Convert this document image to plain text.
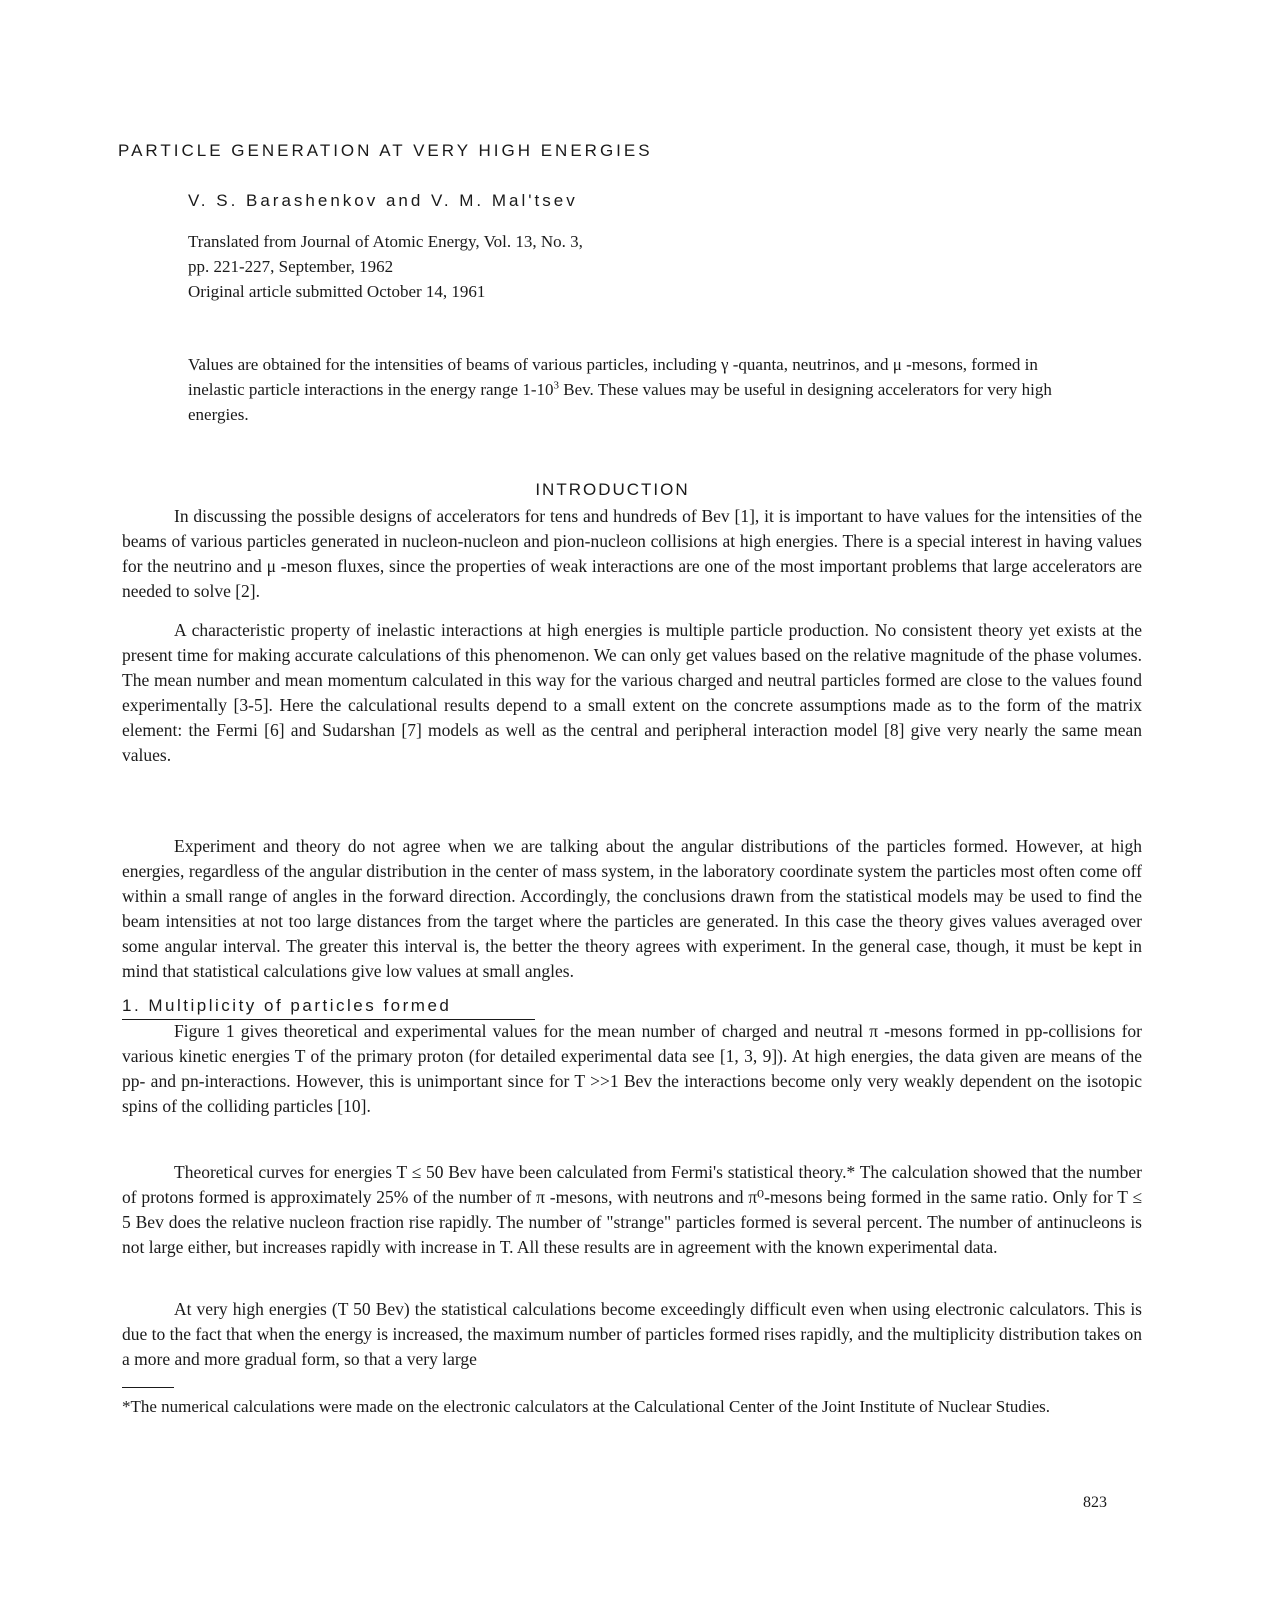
PARTICLE GENERATION AT VERY HIGH ENERGIES
V. S. Barashenkov and V. M. Mal'tsev
Translated from Journal of Atomic Energy, Vol. 13, No. 3,
pp. 221-227, September, 1962
Original article submitted October 14, 1961
Values are obtained for the intensities of beams of various particles, including γ -quanta, neutrinos, and μ -mesons, formed in inelastic particle interactions in the energy range $1-10^3$ Bev. These values may be useful in designing accelerators for very high energies.
INTRODUCTION

In discussing the possible designs of accelerators for tens and hundreds of Bev [1], it is important to have values for the intensities of the beams of various particles generated in nucleon-nucleon and pion-nucleon collisions at high energies. There is a special interest in having values for the neutrino and μ -meson fluxes, since the properties of weak interactions are one of the most important problems that large accelerators are needed to solve [2].

A characteristic property of inelastic interactions at high energies is multiple particle production. No consistent theory yet exists at the present time for making accurate calculations of this phenomenon. We can only get values based on the relative magnitude of the phase volumes. The mean number and mean momentum calculated in this way for the various charged and neutral particles formed are close to the values found experimentally [3-5]. Here the calculational results depend to a small extent on the concrete assumptions made as to the form of the matrix element: the Fermi [6] and Sudarshan [7] models as well as the central and peripheral interaction model [8] give very nearly the same mean values.

Experiment and theory do not agree when we are talking about the angular distributions of the particles formed. However, at high energies, regardless of the angular distribution in the center of mass system, in the laboratory coordinate system the particles most often come off within a small range of angles in the forward direction. Accordingly, the conclusions drawn from the statistical models may be used to find the beam intensities at not too large distances from the target where the particles are generated. In this case the theory gives values averaged over some angular interval. The greater this interval is, the better the theory agrees with experiment. In the general case, though, it must be kept in mind that statistical calculations give low values at small angles.

1. Multiplicity of particles formed

Figure 1 gives theoretical and experimental values for the mean number of charged and neutral π -mesons formed in pp-collisions for various kinetic energies T of the primary proton (for detailed experimental data see [1, 3, 9]). At high energies, the data given are means of the pp- and pn-interactions. However, this is unimportant since for T >>1 Bev the interactions become only very weakly dependent on the isotopic spins of the colliding particles [10].

Theoretical curves for energies T ≤ 50 Bev have been calculated from Fermi's statistical theory.* The calculation showed that the number of protons formed is approximately 25% of the number of π -mesons, with neutrons and π⁰-mesons being formed in the same ratio. Only for T ≤ 5 Bev does the relative nucleon fraction rise rapidly. The number of "strange" particles formed is several percent. The number of antinucleons is not large either, but increases rapidly with increase in T. All these results are in agreement with the known experimental data.

At very high energies (T 50 Bev) the statistical calculations become exceedingly difficult even when using electronic calculators. This is due to the fact that when the energy is increased, the maximum number of particles formed rises rapidly, and the multiplicity distribution takes on a more and more gradual form, so that a very large

*The numerical calculations were made on the electronic calculators at the Calculational Center of the Joint Institute of Nuclear Studies.
823
